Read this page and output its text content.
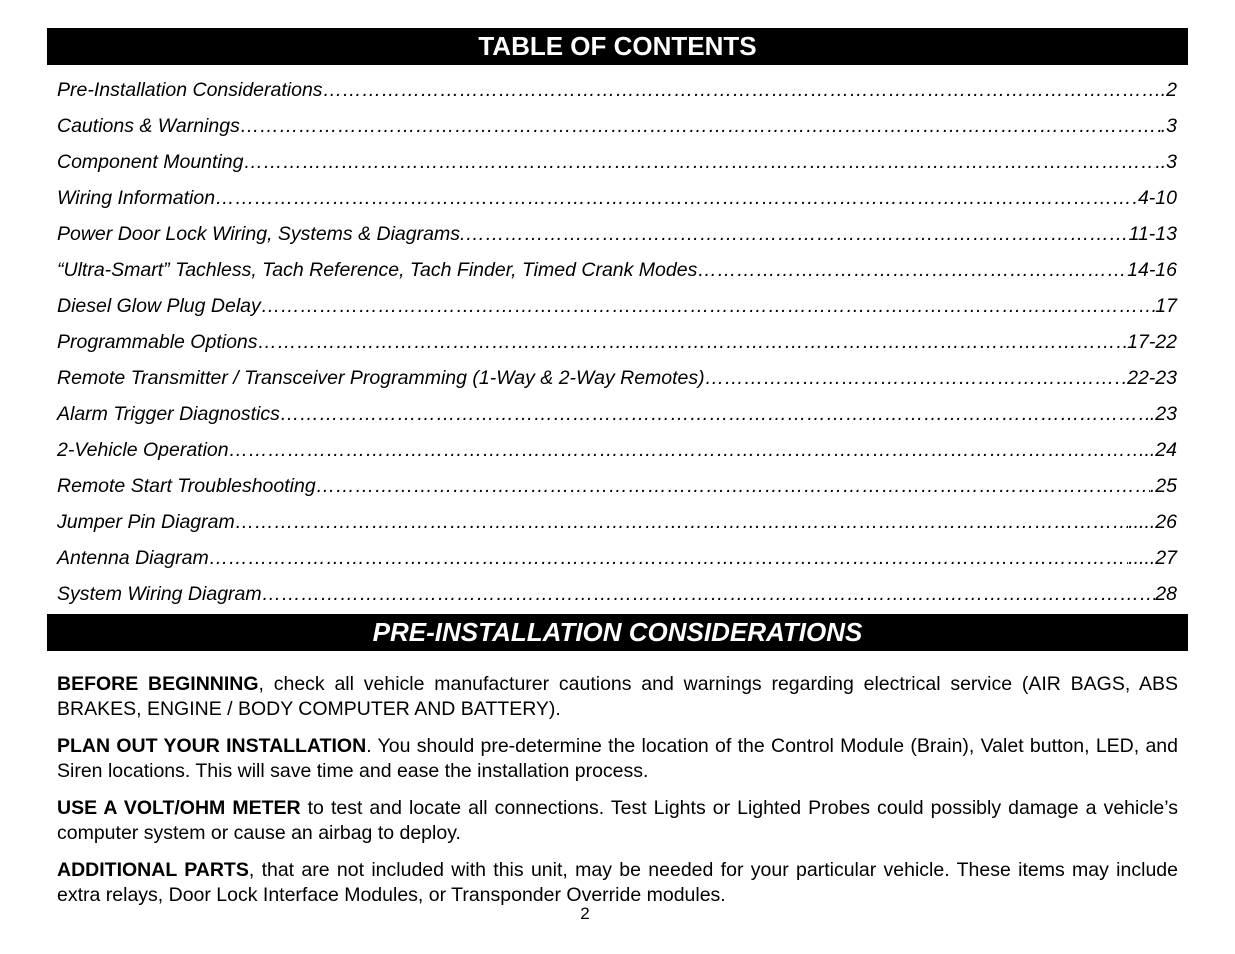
TABLE OF CONTENTS
Pre-Installation Considerations ……………………………………………………………………………………………………………………………………………………………………………………………………	.2
Cautions & Warnings ……………………………………………………………………………………………………………………………………………………………………………………………………	.3
Component Mounting ……………………………………………………………………………………………………………………………………………………………………………………………………	..3
Wiring Information ……………………………………………………………………………………………………………………………………………………………………………………………………	.4-10
Power Door Lock Wiring, Systems & Diagrams. ……………………………………………………………………………………………………………………………………………………………………………………………………	11-13
“Ultra-Smart” Tachless, Tach Reference, Tach Finder, Timed Crank Modes ……………………………………………………………………………………………………………………………………………………………………………………………………	14-16
Diesel Glow Plug Delay ……………………………………………………………………………………………………………………………………………………………………………………………………	17
Programmable Options ……………………………………………………………………………………………………………………………………………………………………………………………………	17-22
Remote Transmitter / Transceiver Programming (1-Way & 2-Way Remotes) ……………………………………………………………………………………………………………………………………………………………………………………………………	.22-23
Alarm Trigger Diagnostics ……………………………………………………………………………………………………………………………………………………………………………………………………	.23
2-Vehicle Operation ……………………………………………………………………………………………………………………………………………………………………………………………………	..24
Remote Start Troubleshooting ……………………………………………………………………………………………………………………………………………………………………………………………………	.25
Jumper Pin Diagram ……………………………………………………………………………………………………………………………………………………………………………………………………	.....26
Antenna Diagram ……………………………………………………………………………………………………………………………………………………………………………………………………	.....27
System Wiring Diagram ……………………………………………………………………………………………………………………………………………………………………………………………………	28
PRE-INSTALLATION CONSIDERATIONS

BEFORE BEGINNING, check all vehicle manufacturer cautions and warnings regarding electrical service (AIR BAGS, ABS BRAKES, ENGINE / BODY COMPUTER AND BATTERY).

PLAN OUT YOUR INSTALLATION. You should pre-determine the location of the Control Module (Brain), Valet button, LED, and Siren locations. This will save time and ease the installation process.

USE A VOLT/OHM METER to test and locate all connections. Test Lights or Lighted Probes could possibly damage a vehicle’s computer system or cause an airbag to deploy.

ADDITIONAL PARTS, that are not included with this unit, may be needed for your particular vehicle. These items may include extra relays, Door Lock Interface Modules, or Transponder Override modules.

2
